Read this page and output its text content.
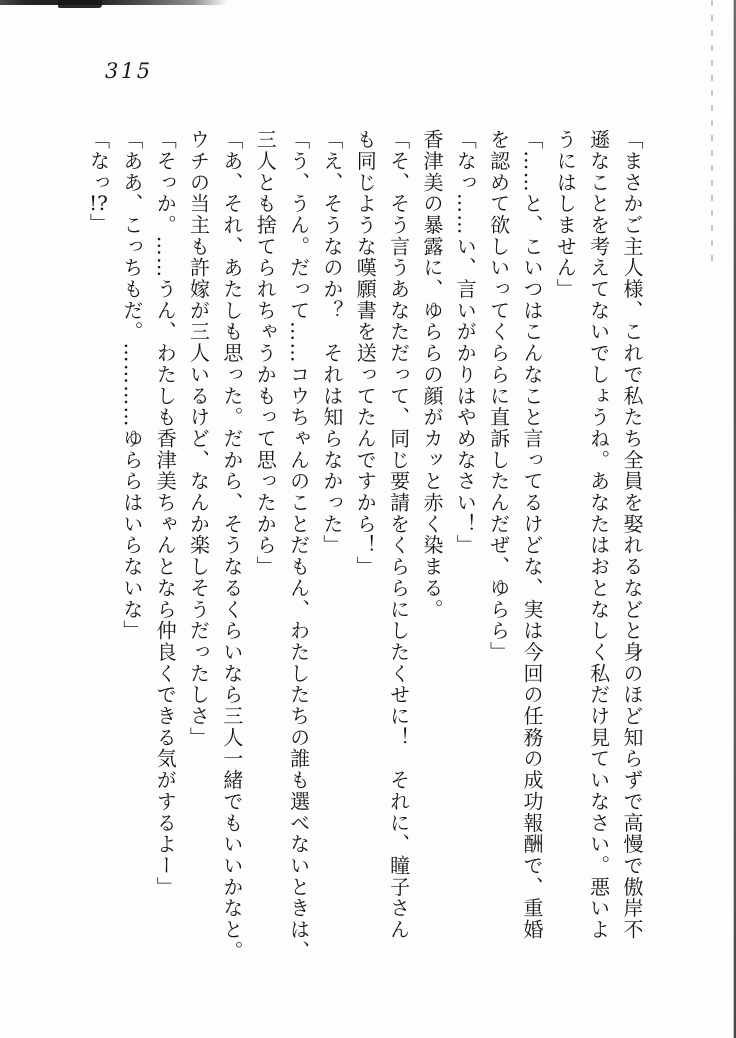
315
「まさかご主人様、これで私たち全員を娶れるなどと身のほど知らずで高慢で傲岸不
遜なことを考えてないでしょうね。あなたはおとなしく私だけ見ていなさい。悪いよ
うにはしません」
「……と、こいつはこんなこと言ってるけどな、実は今回の任務の成功報酬で、重婚
を認めて欲しいってくららに直訴したんだぜ、ゆらら」
「なっ……い、言いがかりはやめなさい！」
香津美の暴露に、ゆららの顔がカッと赤く染まる。
「そ、そう言うあなただって、同じ要請をくららにしたくせに！　それに、瞳子さん
も同じような嘆願書を送ってたんですから！」
「え、そうなのか？　それは知らなかった」
「う、うん。だって……コウちゃんのことだもん、わたしたちの誰も選べないときは、
三人とも捨てられちゃうかもって思ったから」
「あ、それ、あたしも思った。だから、そうなるくらいなら三人一緒でもいいかなと。
ウチの当主も許嫁が三人いるけど、なんか楽しそうだったしさ」
「そっか。……うん、わたしも香津美ちゃんとなら仲良くできる気がするよー」
「ああ、こっちもだ。…………ゆららはいらないな」
「なっ!?」
